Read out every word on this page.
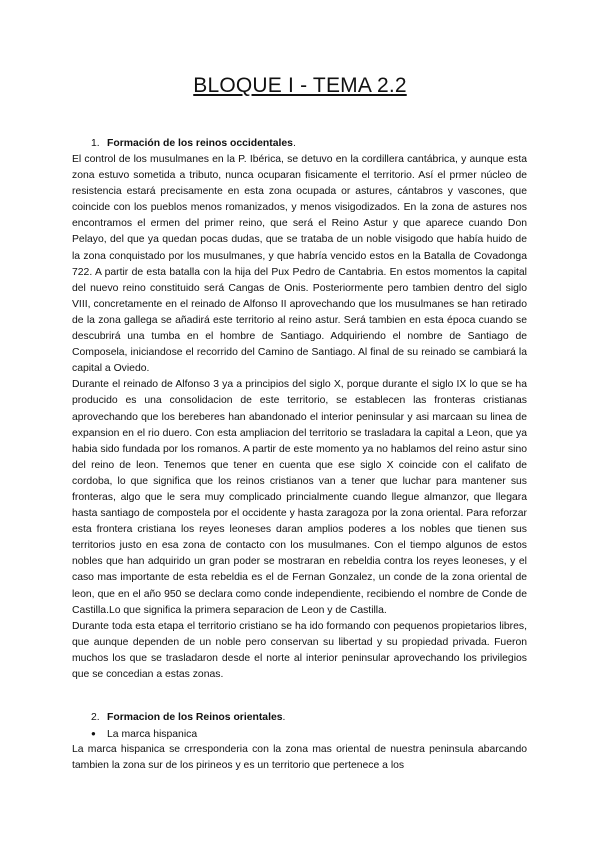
BLOQUE I - TEMA 2.2
1. Formación de los reinos occidentales.

El control de los musulmanes en la P. Ibérica, se detuvo en la cordillera cantábrica, y aunque esta zona estuvo sometida a tributo, nunca ocuparan fisicamente el territorio. Así el prmer núcleo de resistencia estará precisamente en esta zona ocupada or astures, cántabros y vascones, que coincide con los pueblos menos romanizados, y menos visigodizados. En la zona de astures nos encontramos el ermen del primer reino, que será el Reino Astur y que aparece cuando Don Pelayo, del que ya quedan pocas dudas, que se trataba de un noble visigodo que había huido de la zona conquistado por los musulmanes, y que habría vencido estos en la Batalla de Covadonga 722. A partir de esta batalla con la hija del Pux Pedro de Cantabria. En estos momentos la capital del nuevo reino constituido será Cangas de Onis. Posteriormente pero tambien dentro del siglo VIII, concretamente en el reinado de Alfonso II aprovechando que los musulmanes se han retirado de la zona gallega se añadirá este territorio al reino astur. Será tambien en esta época cuando se descubrirá una tumba en el hombre de Santiago. Adquiriendo el nombre de Santiago de Composela, iniciandose el recorrido del Camino de Santiago. Al final de su reinado se cambiará la capital a Oviedo.

Durante el reinado de Alfonso 3 ya a principios del siglo X, porque durante el siglo IX lo que se ha producido es una consolidacion de este territorio, se establecen las fronteras cristianas aprovechando que los bereberes han abandonado el interior peninsular y asi marcaan su linea de expansion en el rio duero. Con esta ampliacion del territorio se trasladara la capital a Leon, que ya habia sido fundada por los romanos. A partir de este momento ya no hablamos del reino astur sino del reino de leon. Tenemos que tener en cuenta que ese siglo X coincide con el califato de cordoba, lo que significa que los reinos cristianos van a tener que luchar para mantener sus fronteras, algo que le sera muy complicado princialmente cuando llegue almanzor, que llegara hasta santiago de compostela por el occidente y hasta zaragoza por la zona oriental. Para reforzar esta frontera cristiana los reyes leoneses daran amplios poderes a los nobles que tienen sus territorios justo en esa zona de contacto con los musulmanes. Con el tiempo algunos de estos nobles que han adquirido un gran poder se mostraran en rebeldia contra los reyes leoneses, y el caso mas importante de esta rebeldia es el de Fernan Gonzalez, un conde de la zona oriental de leon, que en el año 950 se declara como conde independiente, recibiendo el nombre de Conde de Castilla.Lo que significa la primera separacion de Leon y de Castilla.

Durante toda esta etapa el territorio cristiano se ha ido formando con pequenos propietarios libres, que aunque dependen de un noble pero conservan su libertad y su propiedad privada. Fueron muchos los que se trasladaron desde el norte al interior peninsular aprovechando los privilegios que se concedian a estas zonas.

2. Formacion de los Reinos orientales.
● La marca hispanica

La marca hispanica se crresponderia con la zona mas oriental de nuestra peninsula abarcando tambien la zona sur de los pirineos y es un territorio que pertenece a los
